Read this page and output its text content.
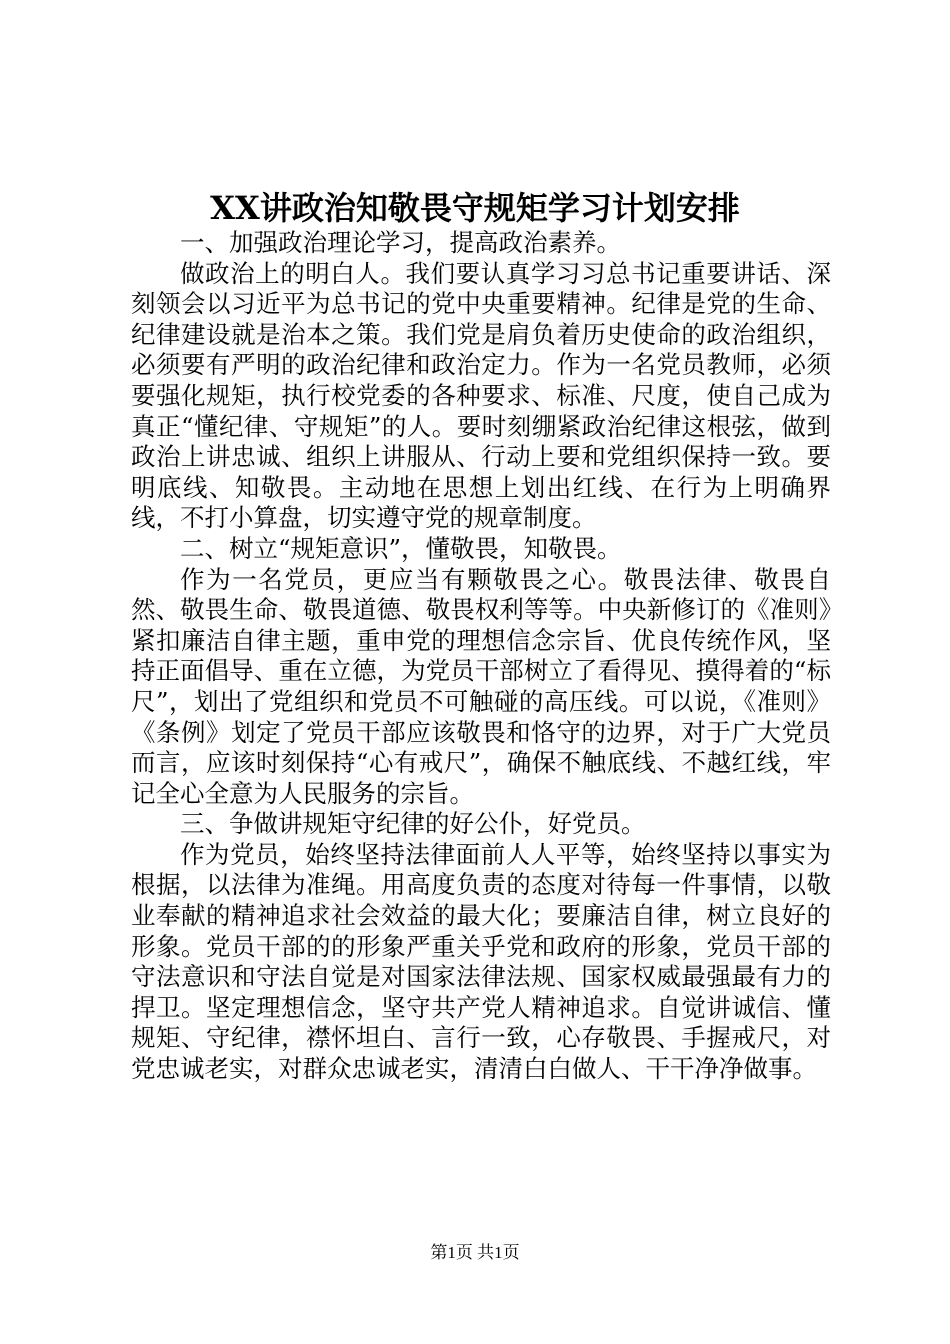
XX讲政治知敬畏守规矩学习计划安排

一、加强政治理论学习，提高政治素养。

做政治上的明白人。我们要认真学习习总书记重要讲话、深刻领会以习近平为总书记的党中央重要精神。纪律是党的生命、纪律建设就是治本之策。我们党是肩负着历史使命的政治组织，必须要有严明的政治纪律和政治定力。作为一名党员教师，必须要强化规矩，执行校党委的各种要求、标准、尺度，使自己成为真正“懂纪律、守规矩”的人。要时刻绷紧政治纪律这根弦，做到政治上讲忠诚、组织上讲服从、行动上要和党组织保持一致。要明底线、知敬畏。主动地在思想上划出红线、在行为上明确界线，不打小算盘，切实遵守党的规章制度。

二、树立“规矩意识”，懂敬畏，知敬畏。

作为一名党员，更应当有颗敬畏之心。敬畏法律、敬畏自然、敬畏生命、敬畏道德、敬畏权利等等。中央新修订的《准则》紧扣廉洁自律主题，重申党的理想信念宗旨、优良传统作风，坚持正面倡导、重在立德，为党员干部树立了看得见、摸得着的“标尺”，划出了党组织和党员不可触碰的高压线。可以说，《准则》《条例》划定了党员干部应该敬畏和恪守的边界，对于广大党员而言，应该时刻保持“心有戒尺”，确保不触底线、不越红线，牢记全心全意为人民服务的宗旨。

三、争做讲规矩守纪律的好公仆，好党员。

作为党员，始终坚持法律面前人人平等，始终坚持以事实为根据，以法律为准绳。用高度负责的态度对待每一件事情，以敬业奉献的精神追求社会效益的最大化；要廉洁自律，树立良好的形象。党员干部的的形象严重关乎党和政府的形象，党员干部的守法意识和守法自觉是对国家法律法规、国家权威最强最有力的捍卫。坚定理想信念，坚守共产党人精神追求。自觉讲诚信、懂规矩、守纪律，襟怀坦白、言行一致，心存敬畏、手握戒尺，对党忠诚老实，对群众忠诚老实，清清白白做人、干干净净做事。

第1页 共1页
